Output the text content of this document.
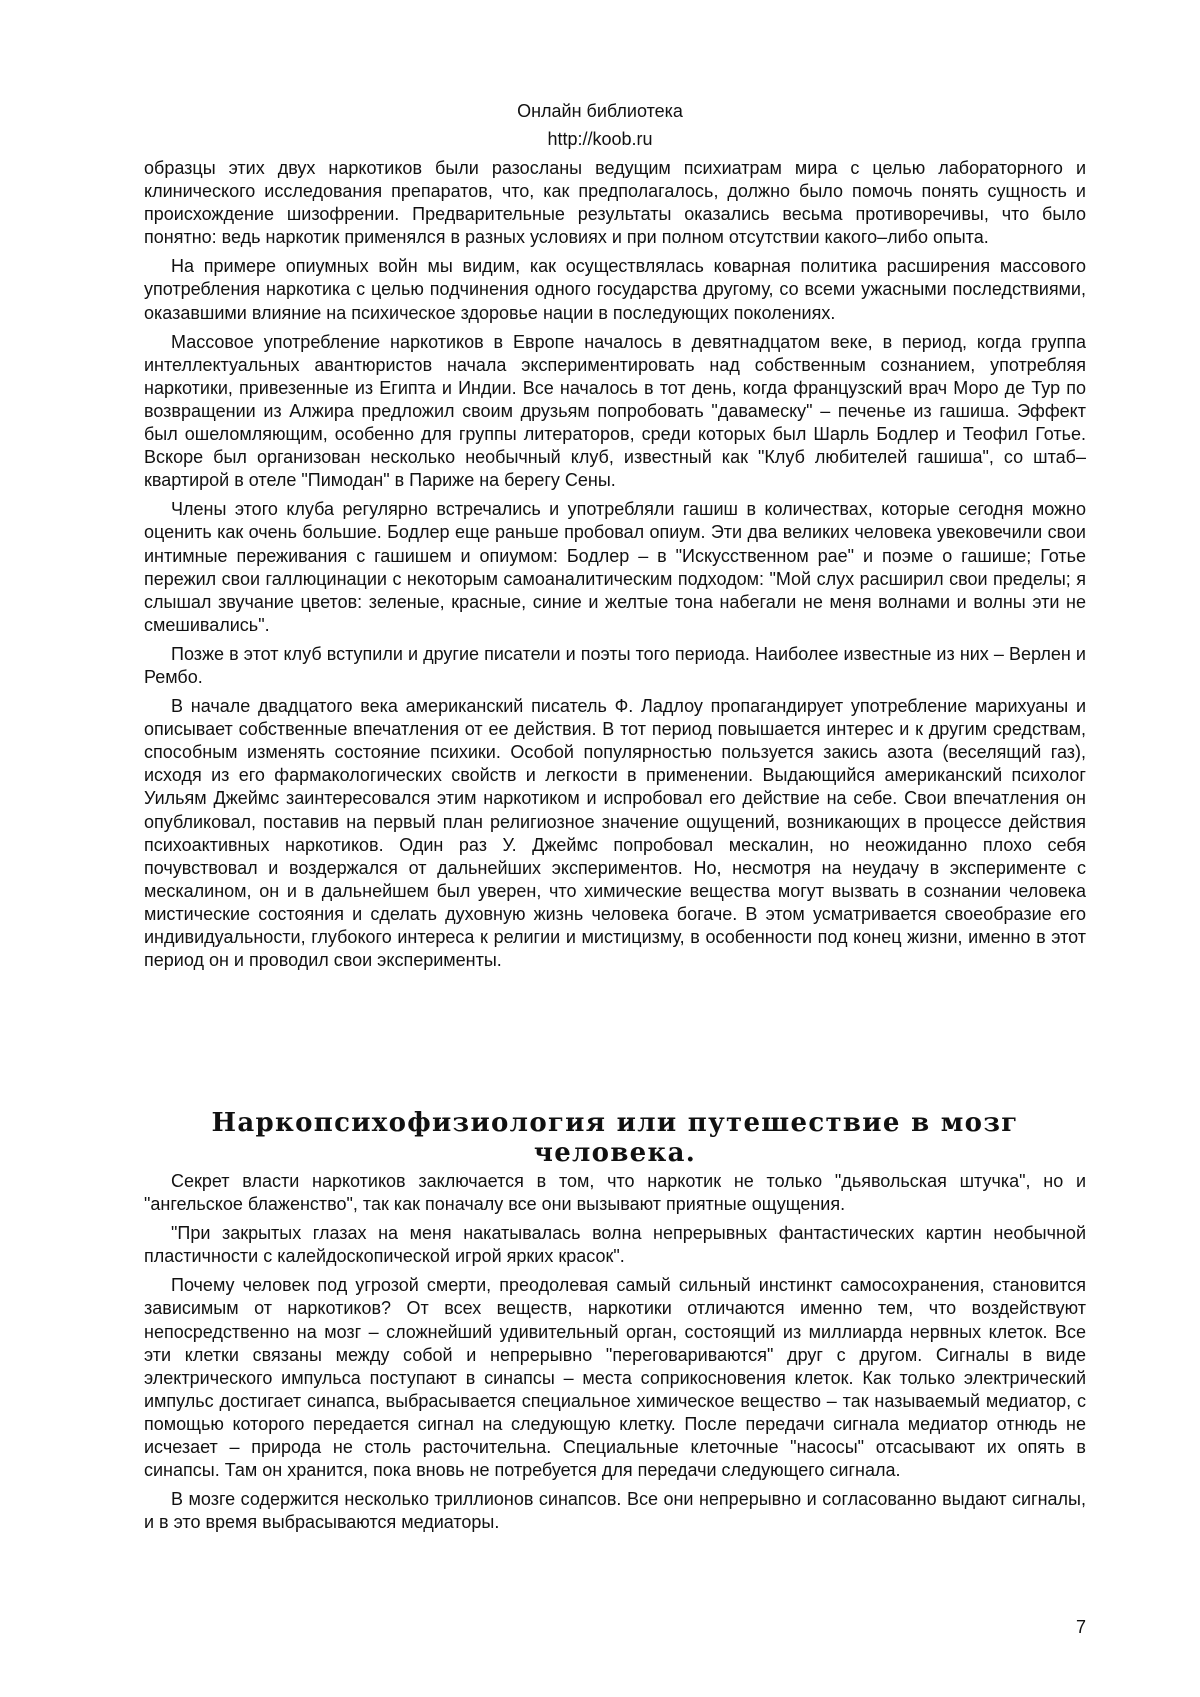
Онлайн библиотека
http://koob.ru

образцы этих двух наркотиков были разосланы ведущим психиатрам мира с целью лабораторного и клинического исследования препаратов, что, как предполагалось, должно было помочь понять сущность и происхождение шизофрении. Предварительные результаты оказались весьма противоречивы, что было понятно: ведь наркотик применялся в разных условиях и при полном отсутствии какого–либо опыта.

На примере опиумных войн мы видим, как осуществлялась коварная политика расширения массового употребления наркотика с целью подчинения одного государства другому, со всеми ужасными последствиями, оказавшими влияние на психическое здоровье нации в последующих поколениях.

Массовое употребление наркотиков в Европе началось в девятнадцатом веке, в период, когда группа интеллектуальных авантюристов начала экспериментировать над собственным сознанием, употребляя наркотики, привезенные из Египта и Индии. Все началось в тот день, когда французский врач Моро де Тур по возвращении из Алжира предложил своим друзьям попробовать "давамеску" – печенье из гашиша. Эффект был ошеломляющим, особенно для группы литераторов, среди которых был Шарль Бодлер и Теофил Готье. Вскоре был организован несколько необычный клуб, известный как "Клуб любителей гашиша", со штаб–квартирой в отеле "Пимодан" в Париже на берегу Сены.

Члены этого клуба регулярно встречались и употребляли гашиш в количествах, которые сегодня можно оценить как очень большие. Бодлер еще раньше пробовал опиум. Эти два великих человека увековечили свои интимные переживания с гашишем и опиумом: Бодлер – в "Искусственном рае" и поэме о гашише; Готье пережил свои галлюцинации с некоторым самоаналитическим подходом: "Мой слух расширил свои пределы; я слышал звучание цветов: зеленые, красные, синие и желтые тона набегали не меня волнами и волны эти не смешивались".

Позже в этот клуб вступили и другие писатели и поэты того периода. Наиболее известные из них – Верлен и Рембо.

В начале двадцатого века американский писатель Ф. Ладлоу пропагандирует употребление марихуаны и описывает собственные впечатления от ее действия. В тот период повышается интерес и к другим средствам, способным изменять состояние психики. Особой популярностью пользуется закись азота (веселящий газ), исходя из его фармакологических свойств и легкости в применении. Выдающийся американский психолог Уильям Джеймс заинтересовался этим наркотиком и испробовал его действие на себе. Свои впечатления он опубликовал, поставив на первый план религиозное значение ощущений, возникающих в процессе действия психоактивных наркотиков. Один раз У. Джеймс попробовал мескалин, но неожиданно плохо себя почувствовал и воздержался от дальнейших экспериментов. Но, несмотря на неудачу в эксперименте с мескалином, он и в дальнейшем был уверен, что химические вещества могут вызвать в сознании человека мистические состояния и сделать духовную жизнь человека богаче. В этом усматривается своеобразие его индивидуальности, глубокого интереса к религии и мистицизму, в особенности под конец жизни, именно в этот период он и проводил свои эксперименты.

Наркопсихофизиология или путешествие в мозг человека.

Секрет власти наркотиков заключается в том, что наркотик не только "дьявольская штучка", но и "ангельское блаженство", так как поначалу все они вызывают приятные ощущения.

"При закрытых глазах на меня накатывалась волна непрерывных фантастических картин необычной пластичности с калейдоскопической игрой ярких красок".

Почему человек под угрозой смерти, преодолевая самый сильный инстинкт самосохранения, становится зависимым от наркотиков? От всех веществ, наркотики отличаются именно тем, что воздействуют непосредственно на мозг – сложнейший удивительный орган, состоящий из миллиарда нервных клеток. Все эти клетки связаны между собой и непрерывно "переговариваются" друг с другом. Сигналы в виде электрического импульса поступают в синапсы – места соприкосновения клеток. Как только электрический импульс достигает синапса, выбрасывается специальное химическое вещество – так называемый медиатор, с помощью которого передается сигнал на следующую клетку. После передачи сигнала медиатор отнюдь не исчезает – природа не столь расточительна. Специальные клеточные "насосы" отсасывают их опять в синапсы. Там он хранится, пока вновь не потребуется для передачи следующего сигнала.

В мозге содержится несколько триллионов синапсов. Все они непрерывно и согласованно выдают сигналы, и в это время выбрасываются медиаторы.

7
